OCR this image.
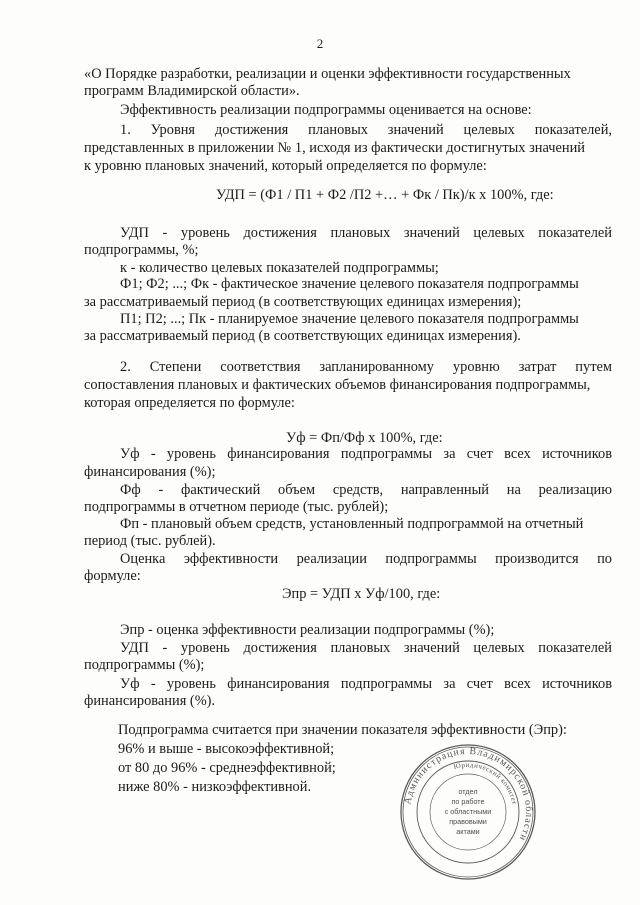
2
«О Порядке разработки, реализации и оценки эффективности государственных
программ Владимирской области».
Эффективность реализации подпрограммы оценивается на основе:
1. Уровня достижения плановых значений целевых показателей,
представленных в приложении № 1, исходя из фактически достигнутых значений
к уровню плановых значений, который определяется по формуле:
УДП = (Ф1 / П1 + Ф2 /П2 +… + Фк / Пк)/к х 100%, где:
УДП - уровень достижения плановых значений целевых показателей
подпрограммы, %;
к - количество целевых показателей подпрограммы;
Ф1; Ф2; ...; Фк - фактическое значение целевого показателя подпрограммы
за рассматриваемый период (в соответствующих единицах измерения);
П1; П2; ...; Пк - планируемое значение целевого показателя подпрограммы
за рассматриваемый период (в соответствующих единицах измерения).
2. Степени соответствия запланированному уровню затрат путем
сопоставления плановых и фактических объемов финансирования подпрограммы,
которая определяется по формуле:
Уф = Фп/Фф х 100%, где:
Уф - уровень финансирования подпрограммы за счет всех источников
финансирования (%);
Фф - фактический объем средств, направленный на реализацию
подпрограммы в отчетном периоде (тыс. рублей);
Фп - плановый объем средств, установленный подпрограммой на отчетный
период (тыс. рублей).
Оценка эффективности реализации подпрограммы производится по
формуле:
Эпр = УДП х Уф/100, где:
Эпр - оценка эффективности реализации подпрограммы (%);
УДП - уровень достижения плановых значений целевых показателей
подпрограммы (%);
Уф - уровень финансирования подпрограммы за счет всех источников
финансирования (%).
Подпрограмма считается при значении показателя эффективности (Эпр):
96% и выше - высокоэффективной;
от 80 до 96% - среднеэффективной;
ниже 80% - низкоэффективной.
Администрация Владимирской области
Юридический комитет
отдел
по работе
с областными
правовыми
актами
